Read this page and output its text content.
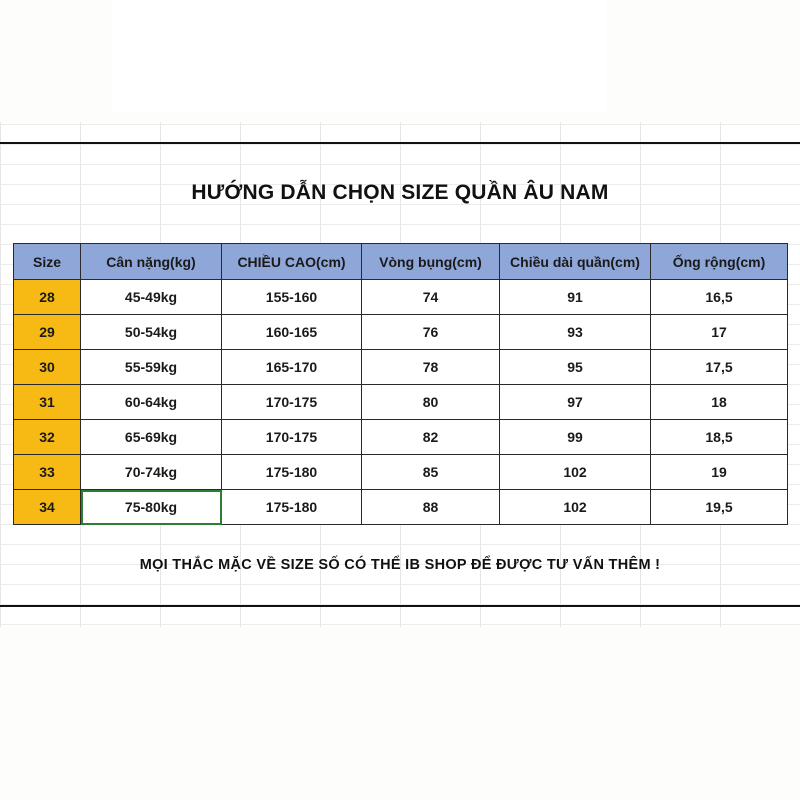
HƯỚNG DẪN CHỌN SIZE QUẦN ÂU NAM
Size	Cân nặng(kg)	CHIỀU CAO(cm)	Vòng bụng(cm)	Chiều dài quần(cm)	Ống rộng(cm)
28	45-49kg	155-160	74	91	16,5
29	50-54kg	160-165	76	93	17
30	55-59kg	165-170	78	95	17,5
31	60-64kg	170-175	80	97	18
32	65-69kg	170-175	82	99	18,5
33	70-74kg	175-180	85	102	19
34	75-80kg	175-180	88	102	19,5
MỌI THẮC MẶC VỀ SIZE SỐ CÓ THỂ IB SHOP ĐỂ ĐƯỢC TƯ VẤN THÊM !
